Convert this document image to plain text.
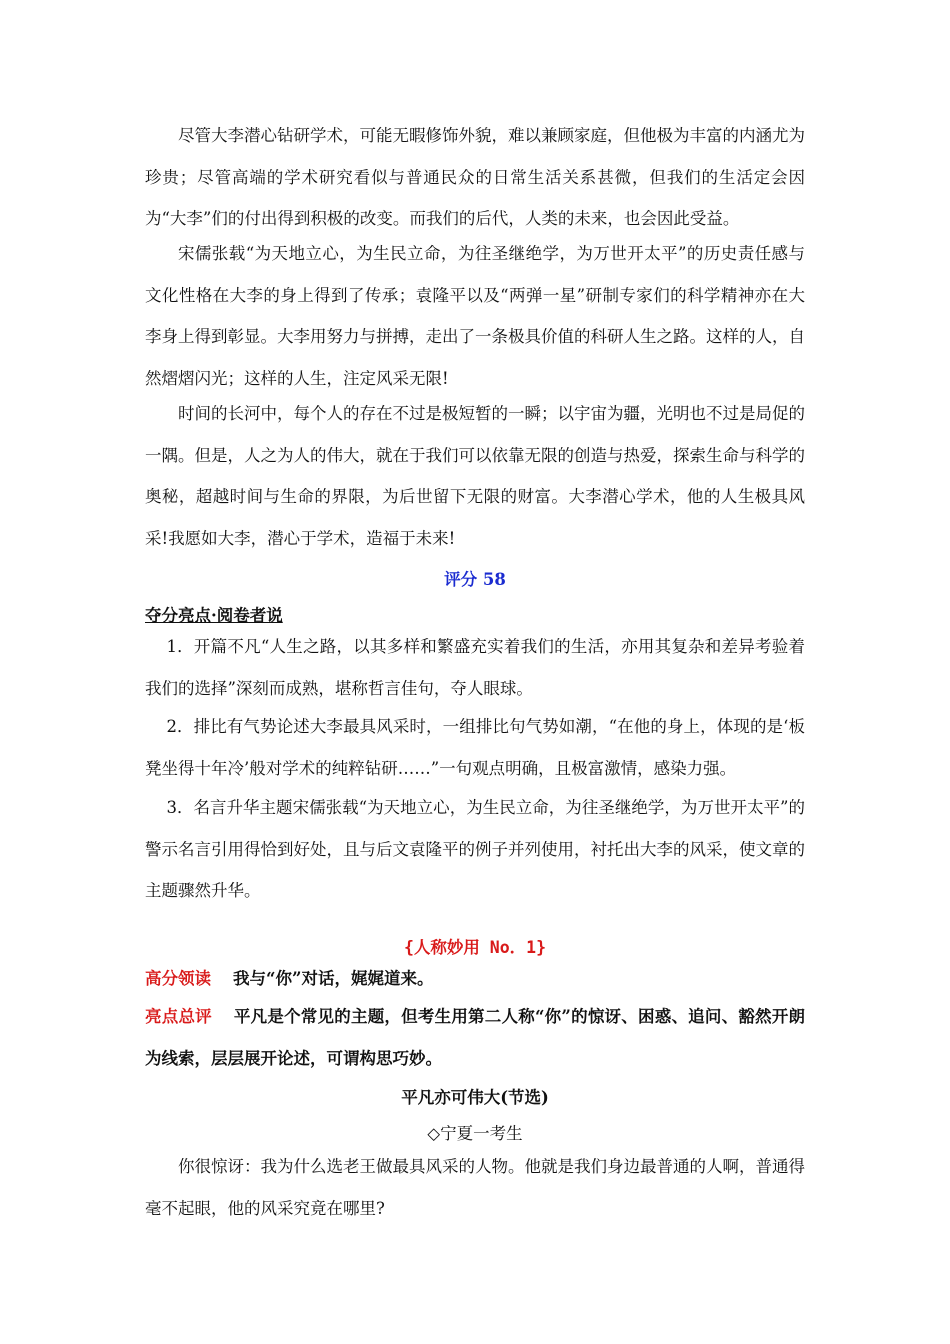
尽管大李潜心钻研学术，可能无暇修饰外貌，难以兼顾家庭，但他极为丰富的内涵尤为珍贵；尽管高端的学术研究看似与普通民众的日常生活关系甚微，但我们的生活定会因为“大李”们的付出得到积极的改变。而我们的后代，人类的未来，也会因此受益。

宋儒张载“为天地立心，为生民立命，为往圣继绝学，为万世开太平”的历史责任感与文化性格在大李的身上得到了传承；袁隆平以及“两弹一星”研制专家们的科学精神亦在大李身上得到彰显。大李用努力与拼搏，走出了一条极具价值的科研人生之路。这样的人，自然熠熠闪光；这样的人生，注定风采无限!

时间的长河中，每个人的存在不过是极短暂的一瞬；以宇宙为疆，光明也不过是局促的一隅。但是，人之为人的伟大，就在于我们可以依靠无限的创造与热爱，探索生命与科学的奥秘，超越时间与生命的界限，为后世留下无限的财富。大李潜心学术，他的人生极具风采!我愿如大李，潜心于学术，造福于未来!

评分 58

夺分亮点·阅卷者说

1．开篇不凡“人生之路，以其多样和繁盛充实着我们的生活，亦用其复杂和差异考验着我们的选择”深刻而成熟，堪称哲言佳句，夺人眼球。

2．排比有气势论述大李最具风采时，一组排比句气势如潮，“在他的身上，体现的是‘板凳坐得十年冷’般对学术的纯粹钻研……”一句观点明确，且极富激情，感染力强。

3．名言升华主题宋儒张载“为天地立心，为生民立命，为往圣继绝学，为万世开太平”的警示名言引用得恰到好处，且与后文袁隆平的例子并列使用，衬托出大李的风采，使文章的主题骤然升华。

{人称妙用 No．1}

高分领读 我与“你”对话，娓娓道来。
亮点总评 平凡是个常见的主题，但考生用第二人称“你”的惊讶、困惑、追问、豁然开朗为线索，层层展开论述，可谓构思巧妙。

平凡亦可伟大(节选)

◇宁夏一考生

你很惊讶：我为什么选老王做最具风采的人物。他就是我们身边最普通的人啊，普通得毫不起眼，他的风采究竟在哪里?
